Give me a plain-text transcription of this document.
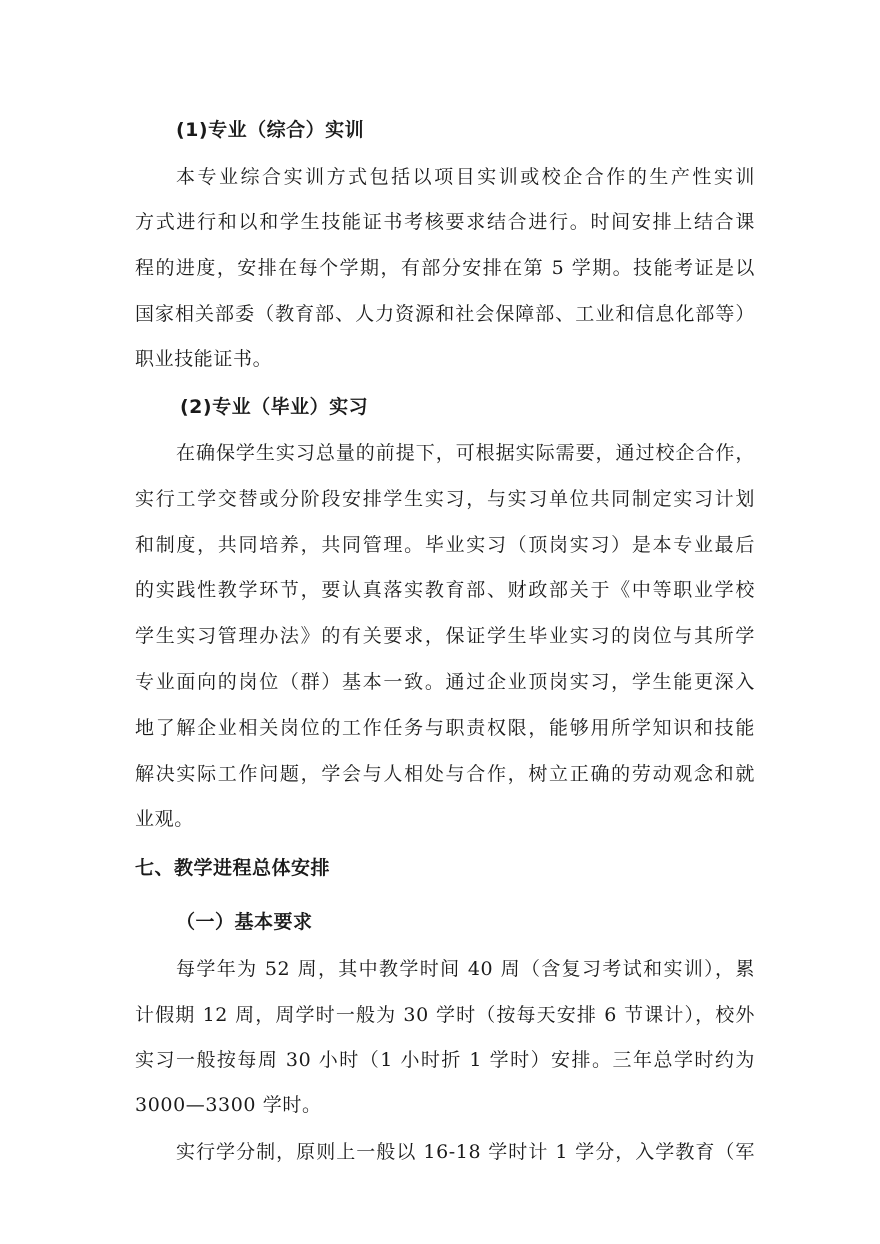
(1)专业（综合）实训
本专业综合实训方式包括以项目实训或校企合作的生产性实训
方式进行和以和学生技能证书考核要求结合进行。时间安排上结合课
程的进度，安排在每个学期，有部分安排在第 5 学期。技能考证是以
国家相关部委（教育部、人力资源和社会保障部、工业和信息化部等）
职业技能证书。
(2)专业（毕业）实习
在确保学生实习总量的前提下，可根据实际需要，通过校企合作，
实行工学交替或分阶段安排学生实习，与实习单位共同制定实习计划
和制度，共同培养，共同管理。毕业实习（顶岗实习）是本专业最后
的实践性教学环节，要认真落实教育部、财政部关于《中等职业学校
学生实习管理办法》的有关要求，保证学生毕业实习的岗位与其所学
专业面向的岗位（群）基本一致。通过企业顶岗实习，学生能更深入
地了解企业相关岗位的工作任务与职责权限，能够用所学知识和技能
解决实际工作问题，学会与人相处与合作，树立正确的劳动观念和就
业观。
七、教学进程总体安排
（一）基本要求
每学年为 52 周，其中教学时间 40 周（含复习考试和实训），累
计假期 12 周，周学时一般为 30 学时（按每天安排 6 节课计），校外
实习一般按每周 30 小时（1 小时折 1 学时）安排。三年总学时约为
3000—3300 学时。
实行学分制，原则上一般以 16-18 学时计 1 学分，入学教育（军
